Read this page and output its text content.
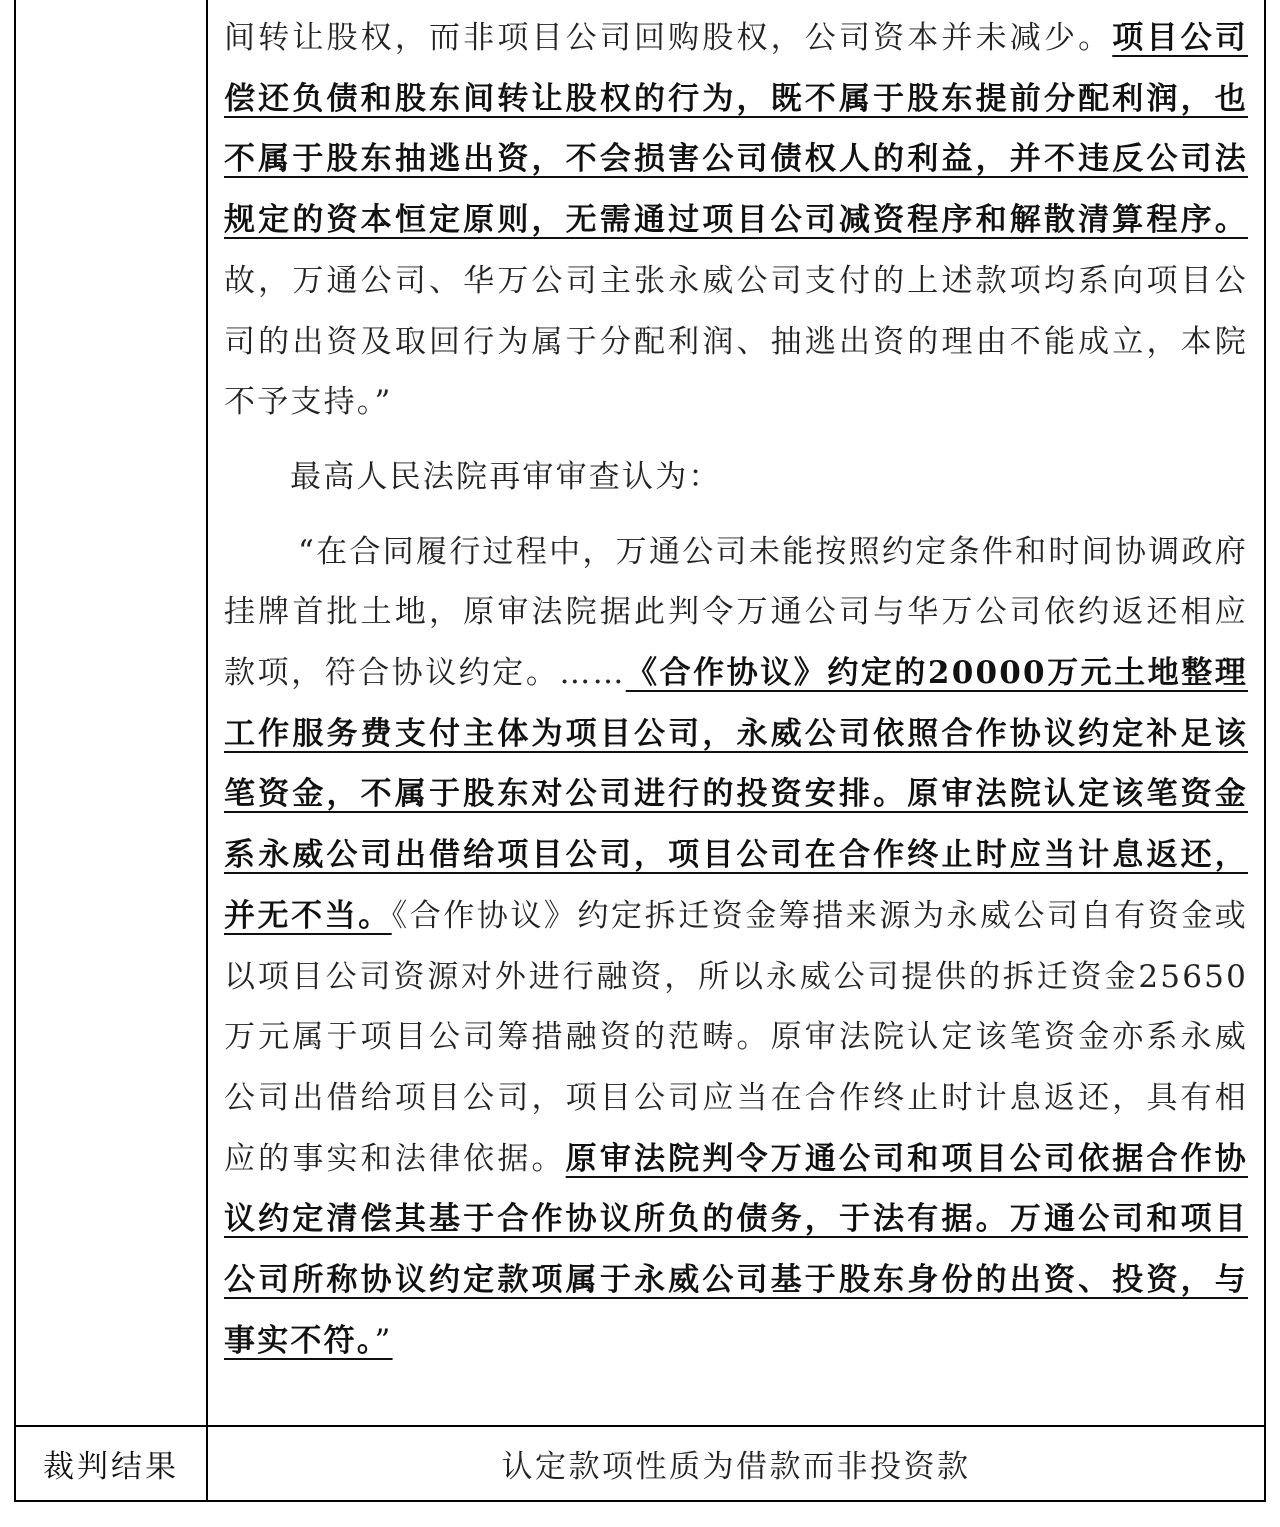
间转让股权，而非项目公司回购股权，公司资本并未减少。项目公司偿还负债和股东间转让股权的行为，既不属于股东提前分配利润，也不属于股东抽逃出资，不会损害公司债权人的利益，并不违反公司法规定的资本恒定原则，无需通过项目公司减资程序和解散清算程序。故，万通公司、华万公司主张永威公司支付的上述款项均系向项目公司的出资及取回行为属于分配利润、抽逃出资的理由不能成立，本院不予支持。”

最高人民法院再审审查认为：

“在合同履行过程中，万通公司未能按照约定条件和时间协调政府挂牌首批土地，原审法院据此判令万通公司与华万公司依约返还相应款项，符合协议约定。……《合作协议》约定的20000万元土地整理工作服务费支付主体为项目公司，永威公司依照合作协议约定补足该笔资金，不属于股东对公司进行的投资安排。原审法院认定该笔资金系永威公司出借给项目公司，项目公司在合作终止时应当计息返还，并无不当。《合作协议》约定拆迁资金筹措来源为永威公司自有资金或以项目公司资源对外进行融资，所以永威公司提供的拆迁资金25650万元属于项目公司筹措融资的范畴。原审法院认定该笔资金亦系永威公司出借给项目公司，项目公司应当在合作终止时计息返还，具有相应的事实和法律依据。原审法院判令万通公司和项目公司依据合作协议约定清偿其基于合作协议所负的债务，于法有据。万通公司和项目公司所称协议约定款项属于永威公司基于股东身份的出资、投资，与事实不符。”

裁判结果	认定款项性质为借款而非投资款
